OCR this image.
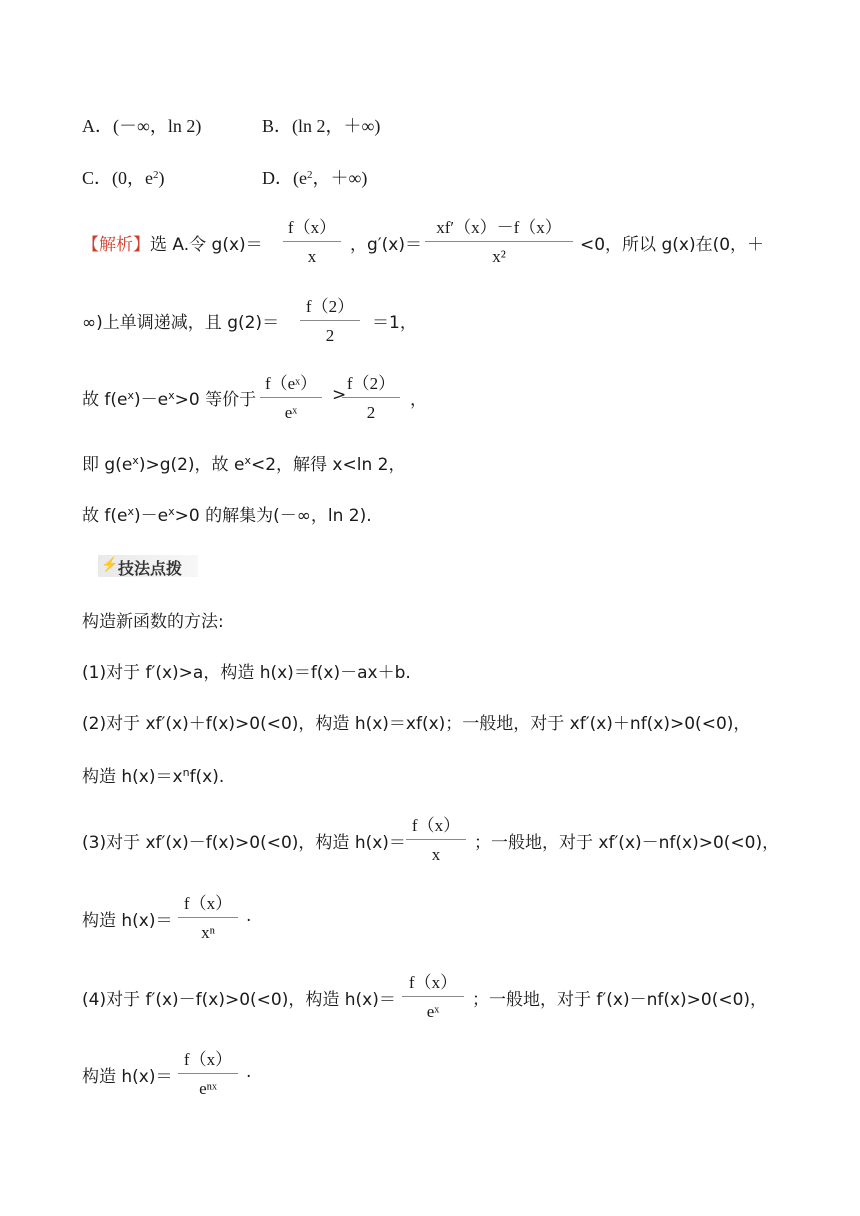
A．(－∞，ln 2)	B．(ln 2，＋∞)
C．(0，$e^2$)	D．($e^2$，＋∞)
【解析】选 A.令 g(x)＝
f（x）
x
，g′(x)＝
xf′（x）－f（x）
x²
<0，所以 g(x)在(0，＋
∞)上单调递减，且 g(2)＝
f（2）
2
＝1，
故 $f(e^x)-e^x>0$ 等价于
f（eˣ）
eˣ
>
f（2）
2
，
即 $g(e^x)>g(2)$，故 $e^x<2$，解得 x<ln 2，
故 $f(e^x)-e^x>0$ 的解集为(－∞，ln 2).
⚡ 技法点拨
构造新函数的方法:
(1)对于 f′(x)>a，构造 h(x)＝f(x)－ax＋b.
(2)对于 xf′(x)＋f(x)>0(<0)，构造 h(x)＝xf(x)；一般地，对于 xf′(x)＋nf(x)>0(<0)，
构造 $h(x)=x^nf(x)$.
(3)对于 xf′(x)－f(x)>0(<0)，构造 h(x)＝
f（x）
x
；一般地，对于 xf′(x)－nf(x)>0(<0)，
构造 h(x)＝
f（x）
xⁿ
.
(4)对于 f′(x)－f(x)>0(<0)，构造 h(x)＝
f（x）
eˣ
；一般地，对于 f′(x)－nf(x)>0(<0)，
构造 h(x)＝
f（x）
eⁿˣ
.
